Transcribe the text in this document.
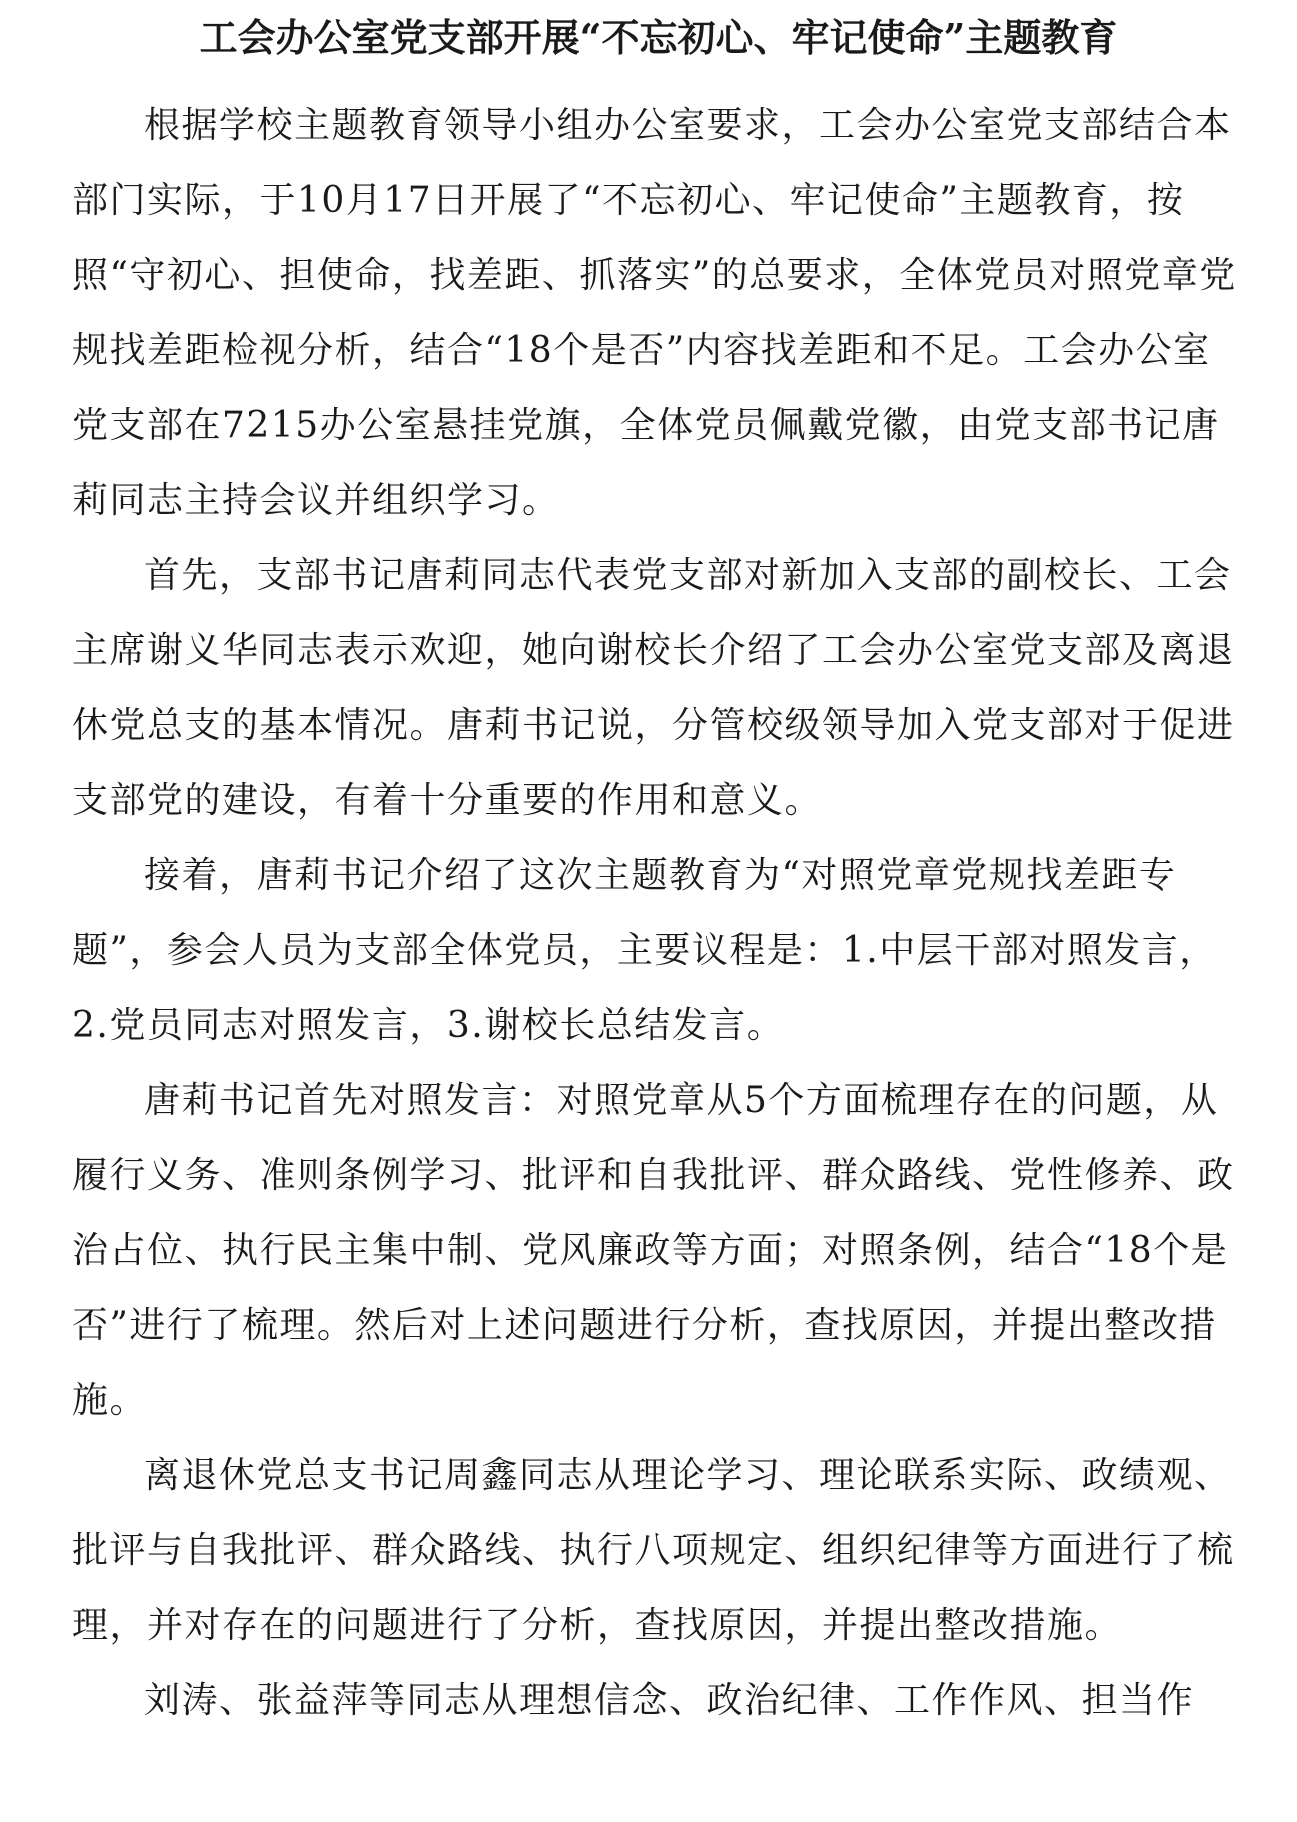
工会办公室党支部开展“不忘初心、牢记使命”主题教育

根据学校主题教育领导小组办公室要求，工会办公室党支部结合本部门实际，于10月17日开展了“不忘初心、牢记使命”主题教育，按照“守初心、担使命，找差距、抓落实”的总要求，全体党员对照党章党规找差距检视分析，结合“18个是否”内容找差距和不足。工会办公室党支部在7215办公室悬挂党旗，全体党员佩戴党徽，由党支部书记唐莉同志主持会议并组织学习。

首先，支部书记唐莉同志代表党支部对新加入支部的副校长、工会主席谢义华同志表示欢迎，她向谢校长介绍了工会办公室党支部及离退休党总支的基本情况。唐莉书记说，分管校级领导加入党支部对于促进支部党的建设，有着十分重要的作用和意义。

接着，唐莉书记介绍了这次主题教育为“对照党章党规找差距专题”，参会人员为支部全体党员，主要议程是：1.中层干部对照发言，2.党员同志对照发言，3.谢校长总结发言。

唐莉书记首先对照发言：对照党章从5个方面梳理存在的问题，从履行义务、准则条例学习、批评和自我批评、群众路线、党性修养、政治占位、执行民主集中制、党风廉政等方面；对照条例，结合“18个是否”进行了梳理。然后对上述问题进行分析，查找原因，并提出整改措施。

离退休党总支书记周鑫同志从理论学习、理论联系实际、政绩观、批评与自我批评、群众路线、执行八项规定、组织纪律等方面进行了梳理，并对存在的问题进行了分析，查找原因，并提出整改措施。

刘涛、张益萍等同志从理想信念、政治纪律、工作作风、担当作
